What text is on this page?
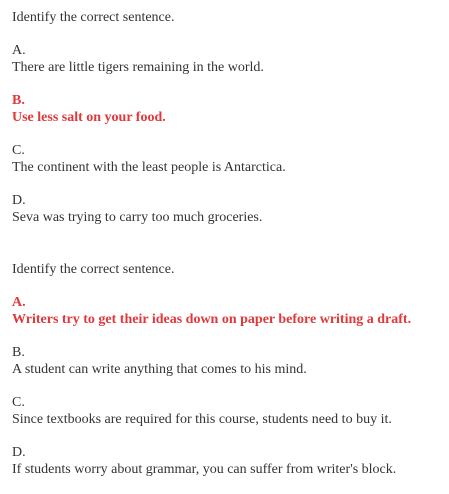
Identify the correct sentence.
A.
There are little tigers remaining in the world.
B.
Use less salt on your food.
C.
The continent with the least people is Antarctica.
D.
Seva was trying to carry too much groceries.
Identify the correct sentence.
A.
Writers try to get their ideas down on paper before writing a draft.
B.
A student can write anything that comes to his mind.
C.
Since textbooks are required for this course, students need to buy it.
D.
If students worry about grammar, you can suffer from writer's block.
